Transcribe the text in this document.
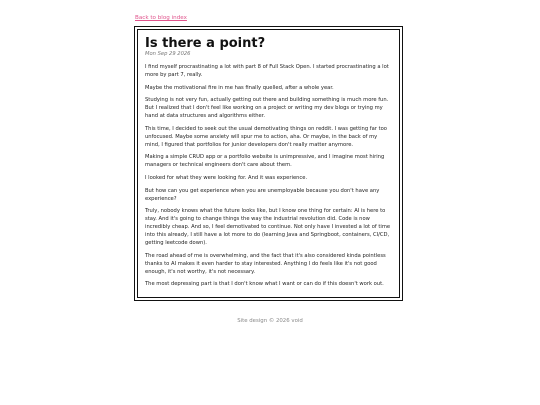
Back to blog index
Is there a point?
Mon Sep 29 2026

I find myself procrastinating a lot with part 8 of Full Stack Open. I started procrastinating a lot more by part 7, really.

Maybe the motivational fire in me has finally quelled, after a whole year.

Studying is not very fun, actually getting out there and building something is much more fun. But I realized that I don't feel like working on a project or writing my dev blogs or trying my hand at data structures and algorithms either.

This time, I decided to seek out the usual demotivating things on reddit. I was getting far too unfocused. Maybe some anxiety will spur me to action, aha. Or maybe, in the back of my mind, I figured that portfolios for junior developers don't really matter anymore.

Making a simple CRUD app or a portfolio website is unimpressive, and I imagine most hiring managers or technical engineers don't care about them.

I looked for what they were looking for. And it was experience.

But how can you get experience when you are unemployable because you don't have any experience?

Truly, nobody knows what the future looks like, but I know one thing for certain: AI is here to stay. And it's going to change things the way the industrial revolution did. Code is now incredibly cheap. And so, I feel demotivated to continue. Not only have I invested a lot of time into this already, I still have a lot more to do (learning Java and Springboot, containers, CI/CD, getting leetcode down).

The road ahead of me is overwhelming, and the fact that it's also considered kinda pointless thanks to AI makes it even harder to stay interested. Anything I do feels like it's not good enough, it's not worthy, it's not necessary.

The most depressing part is that I don't know what I want or can do if this doesn't work out.

Site design © 2026 void
